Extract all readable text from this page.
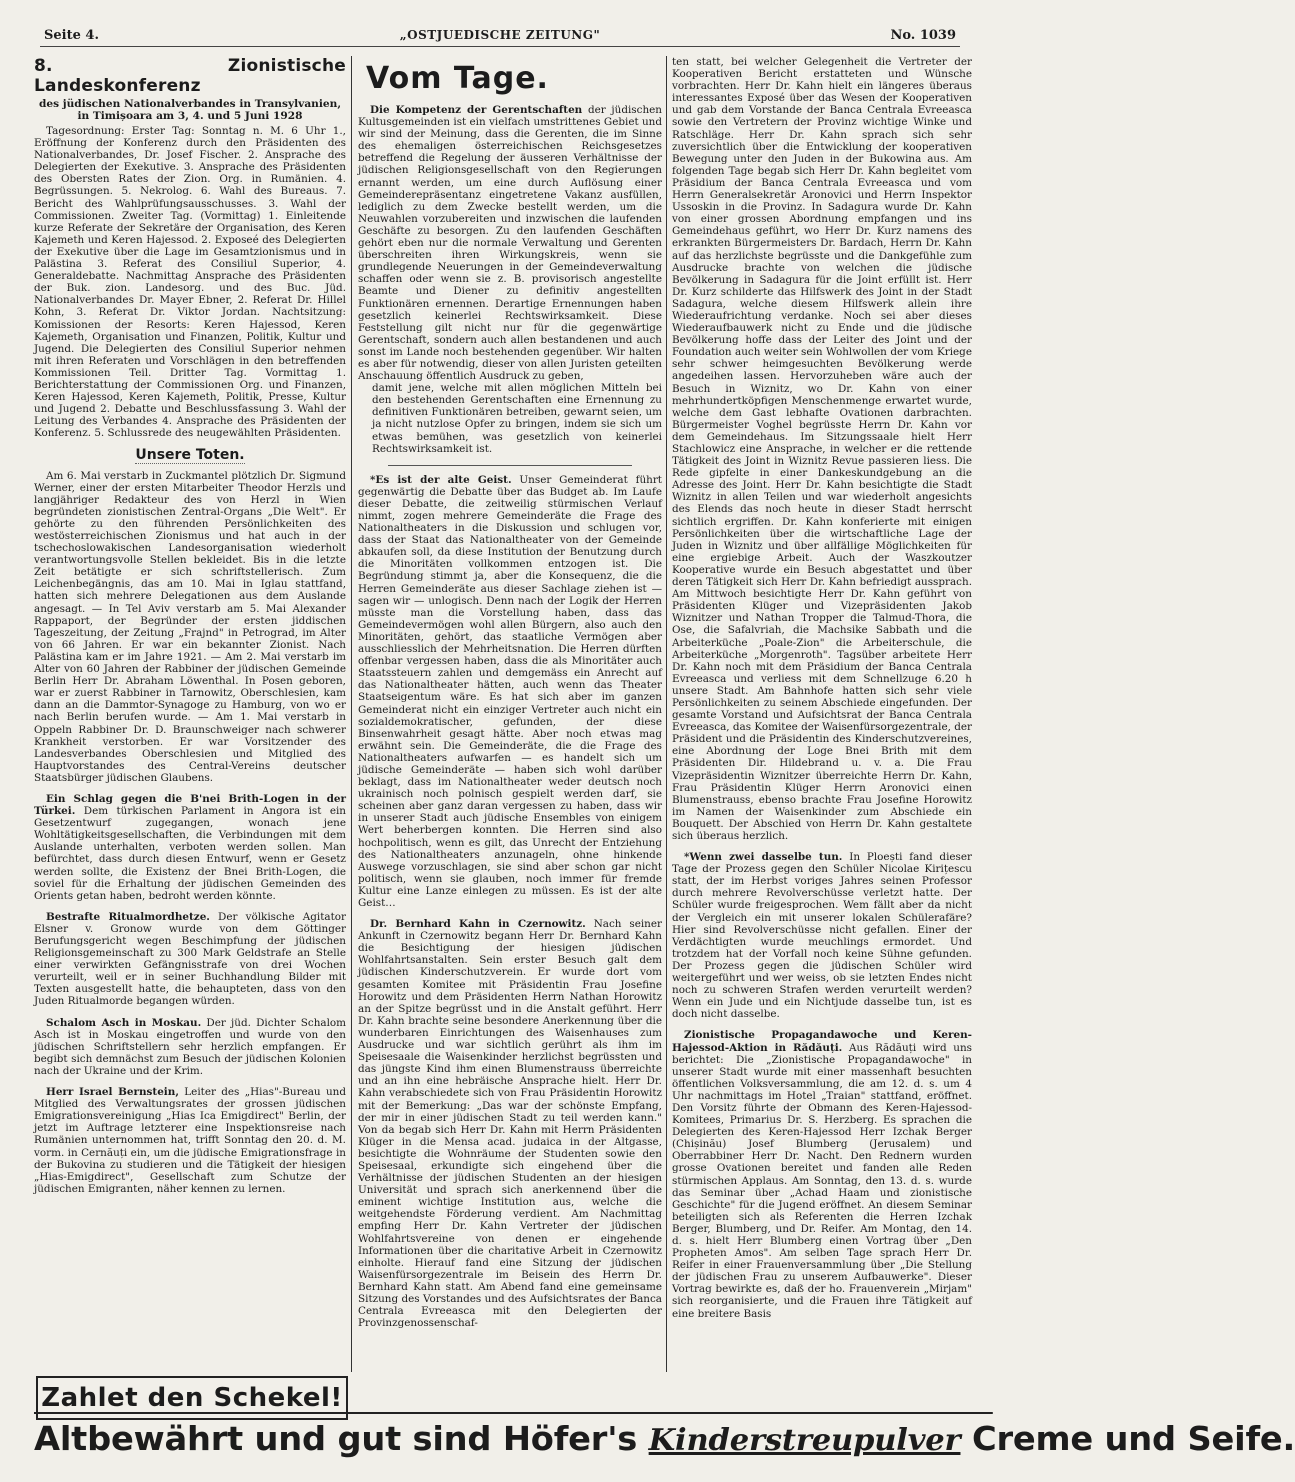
Seite 4.	„OSTJUEDISCHE ZEITUNG"	No. 1039
8. Zionistische Landeskonferenz
des jüdischen Nationalverbandes in Transylvanien, in Timișoara am 3, 4. und 5 Juni 1928

Tagesordnung: Erster Tag: Sonntag n. M. 6 Uhr 1., Eröffnung der Konferenz durch den Präsidenten des Nationalverbandes, Dr. Josef Fischer. 2. Ansprache des Delegierten der Exekutive. 3. Ansprache des Präsidenten des Obersten Rates der Zion. Org. in Rumänien. 4. Begrüssungen. 5. Nekrolog. 6. Wahl des Bureaus. 7. Bericht des Wahlprüfungsausschusses. 3. Wahl der Commissionen. Zweiter Tag. (Vormittag) 1. Einleitende kurze Referate der Sekretäre der Organisation, des Keren Kajemeth und Keren Hajessod. 2. Exposeé des Delegierten der Exekutive über die Lage im Gesamtzionismus und in Palästina 3. Referat des Consiliul Superior, 4. Generaldebatte. Nachmittag Ansprache des Präsidenten der Buk. zion. Landesorg. und des Buc. Jüd. Nationalverbandes Dr. Mayer Ebner, 2. Referat Dr. Hillel Kohn, 3. Referat Dr. Viktor Jordan. Nachtsitzung: Komissionen der Resorts: Keren Hajessod, Keren Kajemeth, Organisation und Finanzen, Politik, Kultur und Jugend. Die Delegierten des Consiliul Superior nehmen mit ihren Referaten und Vorschlägen in den betreffenden Kommissionen Teil. Dritter Tag. Vormittag 1. Berichterstattung der Commissionen Org. und Finanzen, Keren Hajessod, Keren Kajemeth, Politik, Presse, Kultur und Jugend 2. Debatte und Beschlussfassung 3. Wahl der Leitung des Verbandes 4. Ansprache des Präsidenten der Konferenz. 5. Schlussrede des neugewählten Präsidenten.

Unsere Toten.

Am 6. Mai verstarb in Zuckmantel plötzlich Dr. Sigmund Werner, einer der ersten Mitarbeiter Theodor Herzls und langjähriger Redakteur des von Herzl in Wien begründeten zionistischen Zentral-Organs „Die Welt". Er gehörte zu den führenden Persönlichkeiten des westösterreichischen Zionismus und hat auch in der tschechoslowakischen Landesorganisation wiederholt verantwortungsvolle Stellen bekleidet. Bis in die letzte Zeit betätigte er sich schriftstellerisch. Zum Leichenbegängnis, das am 10. Mai in Iglau stattfand, hatten sich mehrere Delegationen aus dem Auslande angesagt. — In Tel Aviv verstarb am 5. Mai Alexander Rappaport, der Begründer der ersten jiddischen Tageszeitung, der Zeitung „Frajnd" in Petrograd, im Alter von 66 Jahren. Er war ein bekannter Zionist. Nach Palästina kam er im Jahre 1921. — Am 2. Mai verstarb im Alter von 60 Jahren der Rabbiner der jüdischen Gemeinde Berlin Herr Dr. Abraham Löwenthal. In Posen geboren, war er zuerst Rabbiner in Tarnowitz, Oberschlesien, kam dann an die Dammtor-Synagoge zu Hamburg, von wo er nach Berlin berufen wurde. — Am 1. Mai verstarb in Oppeln Rabbiner Dr. D. Braunschweiger nach schwerer Krankheit verstorben. Er war Vorsitzender des Landesverbandes Oberschlesien und Mitglied des Hauptvorstandes des Central-Vereins deutscher Staatsbürger jüdischen Glaubens.

Ein Schlag gegen die B'nei Brith-Logen in der Türkei. Dem türkischen Parlament in Angora ist ein Gesetzentwurf zugegangen, wonach jene Wohltätigkeitsgesellschaften, die Verbindungen mit dem Auslande unterhalten, verboten werden sollen. Man befürchtet, dass durch diesen Entwurf, wenn er Gesetz werden sollte, die Existenz der Bnei Brith-Logen, die soviel für die Erhaltung der jüdischen Gemeinden des Orients getan haben, bedroht werden könnte.

Bestrafte Ritualmordhetze. Der völkische Agitator Elsner v. Gronow wurde von dem Göttinger Berufungsgericht wegen Beschimpfung der jüdischen Religionsgemeinschaft zu 300 Mark Geldstrafe an Stelle einer verwirkten Gefängnisstrafe von drei Wochen verurteilt, weil er in seiner Buchhandlung Bilder mit Texten ausgestellt hatte, die behaupteten, dass von den Juden Ritualmorde begangen würden.

Schalom Asch in Moskau. Der jüd. Dichter Schalom Asch ist in Moskau eingetroffen und wurde von den jüdischen Schriftstellern sehr herzlich empfangen. Er begibt sich demnächst zum Besuch der jüdischen Kolonien nach der Ukraine und der Krim.

Herr Israel Bernstein, Leiter des „Hias"-Bureau und Mitglied des Verwaltungsrates der grossen jüdischen Emigrationsvereinigung „Hias Ica Emigdirect" Berlin, der jetzt im Auftrage letzterer eine Inspektionsreise nach Rumänien unternommen hat, trifft Sonntag den 20. d. M. vorm. in Cernăuți ein, um die jüdische Emigrationsfrage in der Bukovina zu studieren und die Tätigkeit der hiesigen „Hias-Emigdirect", Gesellschaft zum Schutze der jüdischen Emigranten, näher kennen zu lernen.

Vom Tage.

Die Kompetenz der Gerentschaften der jüdischen Kultusgemeinden ist ein vielfach umstrittenes Gebiet und wir sind der Meinung, dass die Gerenten, die im Sinne des ehemaligen österreichischen Reichsgesetzes betreffend die Regelung der äusseren Verhältnisse der jüdischen Religionsgesellschaft von den Regierungen ernannt werden, um eine durch Auflösung einer Gemeinderepräsentanz eingetretene Vakanz ausfüllen, lediglich zu dem Zwecke bestellt werden, um die Neuwahlen vorzubereiten und inzwischen die laufenden Geschäfte zu besorgen. Zu den laufenden Geschäften gehört eben nur die normale Verwaltung und Gerenten überschreiten ihren Wirkungskreis, wenn sie grundlegende Neuerungen in der Gemeindeverwaltung schaffen oder wenn sie z. B. provisorisch angestellte Beamte und Diener zu definitiv angestellten Funktionären ernennen. Derartige Ernennungen haben gesetzlich keinerlei Rechtswirksamkeit. Diese Feststellung gilt nicht nur für die gegenwärtige Gerentschaft, sondern auch allen bestandenen und auch sonst im Lande noch bestehenden gegenüber. Wir halten es aber für notwendig, dieser von allen Juristen geteilten Anschauung öffentlich Ausdruck zu geben,

damit jene, welche mit allen möglichen Mitteln bei den bestehenden Gerentschaften eine Ernennung zu definitiven Funktionären betreiben, gewarnt seien, um ja nicht nutzlose Opfer zu bringen, indem sie sich um etwas bemühen, was gesetzlich von keinerlei Rechtswirksamkeit ist.

*Es ist der alte Geist. Unser Gemeinderat führt gegenwärtig die Debatte über das Budget ab. Im Laufe dieser Debatte, die zeitweilig stürmischen Verlauf nimmt, zogen mehrere Gemeinderäte die Frage des Nationaltheaters in die Diskussion und schlugen vor, dass der Staat das Nationaltheater von der Gemeinde abkaufen soll, da diese Institution der Benutzung durch die Minoritäten vollkommen entzogen ist. Die Begründung stimmt ja, aber die Konsequenz, die die Herren Gemeinderäte aus dieser Sachlage ziehen ist — sagen wir — unlogisch. Denn nach der Logik der Herren müsste man die Vorstellung haben, dass das Gemeindevermögen wohl allen Bürgern, also auch den Minoritäten, gehört, das staatliche Vermögen aber ausschliesslich der Mehrheitsnation. Die Herren dürften offenbar vergessen haben, dass die als Minoritäter auch Staatssteuern zahlen und demgemäss ein Anrecht auf das Nationaltheater hätten, auch wenn das Theater Staatseigentum wäre. Es hat sich aber im ganzen Gemeinderat nicht ein einziger Vertreter auch nicht ein sozialdemokratischer, gefunden, der diese Binsenwahrheit gesagt hätte. Aber noch etwas mag erwähnt sein. Die Gemeinderäte, die die Frage des Nationaltheaters aufwarfen — es handelt sich um jüdische Gemeinderäte — haben sich wohl darüber beklagt, dass im Nationaltheater weder deutsch noch ukrainisch noch polnisch gespielt werden darf, sie scheinen aber ganz daran vergessen zu haben, dass wir in unserer Stadt auch jüdische Ensembles von einigem Wert beherbergen konnten. Die Herren sind also hochpolitisch, wenn es gilt, das Unrecht der Entziehung des Nationaltheaters anzunageln, ohne hinkende Auswege vorzuschlagen, sie sind aber schon gar nicht politisch, wenn sie glauben, noch immer für fremde Kultur eine Lanze einlegen zu müssen. Es ist der alte Geist…

Dr. Bernhard Kahn in Czernowitz. Nach seiner Ankunft in Czernowitz begann Herr Dr. Bernhard Kahn die Besichtigung der hiesigen jüdischen Wohlfahrtsanstalten. Sein erster Besuch galt dem jüdischen Kinderschutzverein. Er wurde dort vom gesamten Komitee mit Präsidentin Frau Josefine Horowitz und dem Präsidenten Herrn Nathan Horowitz an der Spitze begrüsst und in die Anstalt geführt. Herr Dr. Kahn brachte seine besondere Anerkennung über die wunderbaren Einrichtungen des Waisenhauses zum Ausdrucke und war sichtlich gerührt als ihm im Speisesaale die Waisenkinder herzlichst begrüssten und das jüngste Kind ihm einen Blumenstrauss überreichte und an ihn eine hebräische Ansprache hielt. Herr Dr. Kahn verabschiedete sich von Frau Präsidentin Horowitz mit der Bemerkung: „Das war der schönste Empfang, der mir in einer jüdischen Stadt zu teil werden kann." Von da begab sich Herr Dr. Kahn mit Herrn Präsidenten Klüger in die Mensa acad. judaica in der Altgasse, besichtigte die Wohnräume der Studenten sowie den Speisesaal, erkundigte sich eingehend über die Verhältnisse der jüdischen Studenten an der hiesigen Universität und sprach sich anerkennend über die eminent wichtige Institution aus, welche die weitgehendste Förderung verdient. Am Nachmittag empfing Herr Dr. Kahn Vertreter der jüdischen Wohlfahrtsvereine von denen er eingehende Informationen über die charitative Arbeit in Czernowitz einholte. Hierauf fand eine Sitzung der jüdischen Waisenfürsorgezentrale im Beisein des Herrn Dr. Bernhard Kahn statt. Am Abend fand eine gemeinsame Sitzung des Vorstandes und des Aufsichtsrates der Banca Centrala Evreeasca mit den Delegierten der Provinzgenossenschaf-

ten statt, bei welcher Gelegenheit die Vertreter der Kooperativen Bericht erstatteten und Wünsche vorbrachten. Herr Dr. Kahn hielt ein längeres überaus interessantes Exposé über das Wesen der Kooperativen und gab dem Vorstande der Banca Centrala Evreeasca sowie den Vertretern der Provinz wichtige Winke und Ratschläge. Herr Dr. Kahn sprach sich sehr zuversichtlich über die Entwicklung der kooperativen Bewegung unter den Juden in der Bukowina aus. Am folgenden Tage begab sich Herr Dr. Kahn begleitet vom Präsidium der Banca Centrala Evreeasca und vom Herrn Generalsekretär Aronovici und Herrn Inspektor Ussoskin in die Provinz. In Sadagura wurde Dr. Kahn von einer grossen Abordnung empfangen und ins Gemeindehaus geführt, wo Herr Dr. Kurz namens des erkrankten Bürgermeisters Dr. Bardach, Herrn Dr. Kahn auf das herzlichste begrüsste und die Dankgefühle zum Ausdrucke brachte von welchen die jüdische Bevölkerung in Sadagura für die Joint erfüllt ist. Herr Dr. Kurz schilderte das Hilfswerk des Joint in der Stadt Sadagura, welche diesem Hilfswerk allein ihre Wiederaufrichtung verdanke. Noch sei aber dieses Wiederaufbauwerk nicht zu Ende und die jüdische Bevölkerung hoffe dass der Leiter des Joint und der Foundation auch weiter sein Wohlwollen der vom Kriege sehr schwer heimgesuchten Bevölkerung werde angedeihen lassen. Hervorzuheben wäre auch der Besuch in Wiznitz, wo Dr. Kahn von einer mehrhundertköpfigen Menschenmenge erwartet wurde, welche dem Gast lebhafte Ovationen darbrachten. Bürgermeister Voghel begrüsste Herrn Dr. Kahn vor dem Gemeindehaus. Im Sitzungssaale hielt Herr Stachlowicz eine Ansprache, in welcher er die rettende Tätigkeit des Joint in Wiznitz Revue passieren liess. Die Rede gipfelte in einer Dankeskundgebung an die Adresse des Joint. Herr Dr. Kahn besichtigte die Stadt Wiznitz in allen Teilen und war wiederholt angesichts des Elends das noch heute in dieser Stadt herrscht sichtlich ergriffen. Dr. Kahn konferierte mit einigen Persönlichkeiten über die wirtschaftliche Lage der Juden in Wiznitz und über allfällige Möglichkeiten für eine ergiebige Arbeit. Auch der Waszkoutzer Kooperative wurde ein Besuch abgestattet und über deren Tätigkeit sich Herr Dr. Kahn befriedigt aussprach. Am Mittwoch besichtigte Herr Dr. Kahn geführt von Präsidenten Klüger und Vizepräsidenten Jakob Wiznitzer und Nathan Tropper die Talmud-Thora, die Ose, die Safalvriah, die Machsike Sabbath und die Arbeiterküche „Poale-Zion" die Arbeiterschule, die Arbeiterküche „Morgenroth". Tagsüber arbeitete Herr Dr. Kahn noch mit dem Präsidium der Banca Centrala Evreeasca und verliess mit dem Schnellzuge 6.20 h unsere Stadt. Am Bahnhofe hatten sich sehr viele Persönlichkeiten zu seinem Abschiede eingefunden. Der gesamte Vorstand und Aufsichtsrat der Banca Centrala Evreeasca, das Komitee der Waisenfürsorgezentrale, der Präsident und die Präsidentin des Kinderschutzvereines, eine Abordnung der Loge Bnei Brith mit dem Präsidenten Dir. Hildebrand u. v. a. Die Frau Vizepräsidentin Wiznitzer überreichte Herrn Dr. Kahn, Frau Präsidentin Klüger Herrn Aronovici einen Blumenstrauss, ebenso brachte Frau Josefine Horowitz im Namen der Waisenkinder zum Abschiede ein Bouquett. Der Abschied von Herrn Dr. Kahn gestaltete sich überaus herzlich.

*Wenn zwei dasselbe tun. In Ploești fand dieser Tage der Prozess gegen den Schüler Nicolae Kirițescu statt, der im Herbst voriges Jahres seinen Professor durch mehrere Revolverschüsse verletzt hatte. Der Schüler wurde freigesprochen. Wem fällt aber da nicht der Vergleich ein mit unserer lokalen Schülerafäre? Hier sind Revolverschüsse nicht gefallen. Einer der Verdächtigten wurde meuchlings ermordet. Und trotzdem hat der Vorfall noch keine Sühne gefunden. Der Prozess gegen die jüdischen Schüler wird weitergeführt und wer weiss, ob sie letzten Endes nicht noch zu schweren Strafen werden verurteilt werden? Wenn ein Jude und ein Nichtjude dasselbe tun, ist es doch nicht dasselbe.

Zionistische Propagandawoche und Keren-Hajessod-Aktion in Rădăuți. Aus Rădăuți wird uns berichtet: Die „Zionistische Propagandawoche" in unserer Stadt wurde mit einer massenhaft besuchten öffentlichen Volksversammlung, die am 12. d. s. um 4 Uhr nachmittags im Hotel „Traian" stattfand, eröffnet. Den Vorsitz führte der Obmann des Keren-Hajessod-Komitees, Primarius Dr. S. Herzberg. Es sprachen die Delegierten des Keren-Hajessod Herr Izchak Berger (Chișinău) Josef Blumberg (Jerusalem) und Oberrabbiner Herr Dr. Nacht. Den Rednern wurden grosse Ovationen bereitet und fanden alle Reden stürmischen Applaus. Am Sonntag, den 13. d. s. wurde das Seminar über „Achad Haam und zionistische Geschichte" für die Jugend eröffnet. An diesem Seminar beteiligten sich als Referenten die Herren Izchak Berger, Blumberg, und Dr. Reifer. Am Montag, den 14. d. s. hielt Herr Blumberg einen Vortrag über „Den Propheten Amos". Am selben Tage sprach Herr Dr. Reifer in einer Frauenversammlung über „Die Stellung der jüdischen Frau zu unserem Aufbauwerke". Dieser Vortrag bewirkte es, daß der ho. Frauenverein „Mirjam" sich reorganisierte, und die Frauen ihre Tätigkeit auf eine breitere Basis

Zahlet den Schekel!
Altbewährt und gut sind Höfer's Kinderstreupulver Creme und Seife.
